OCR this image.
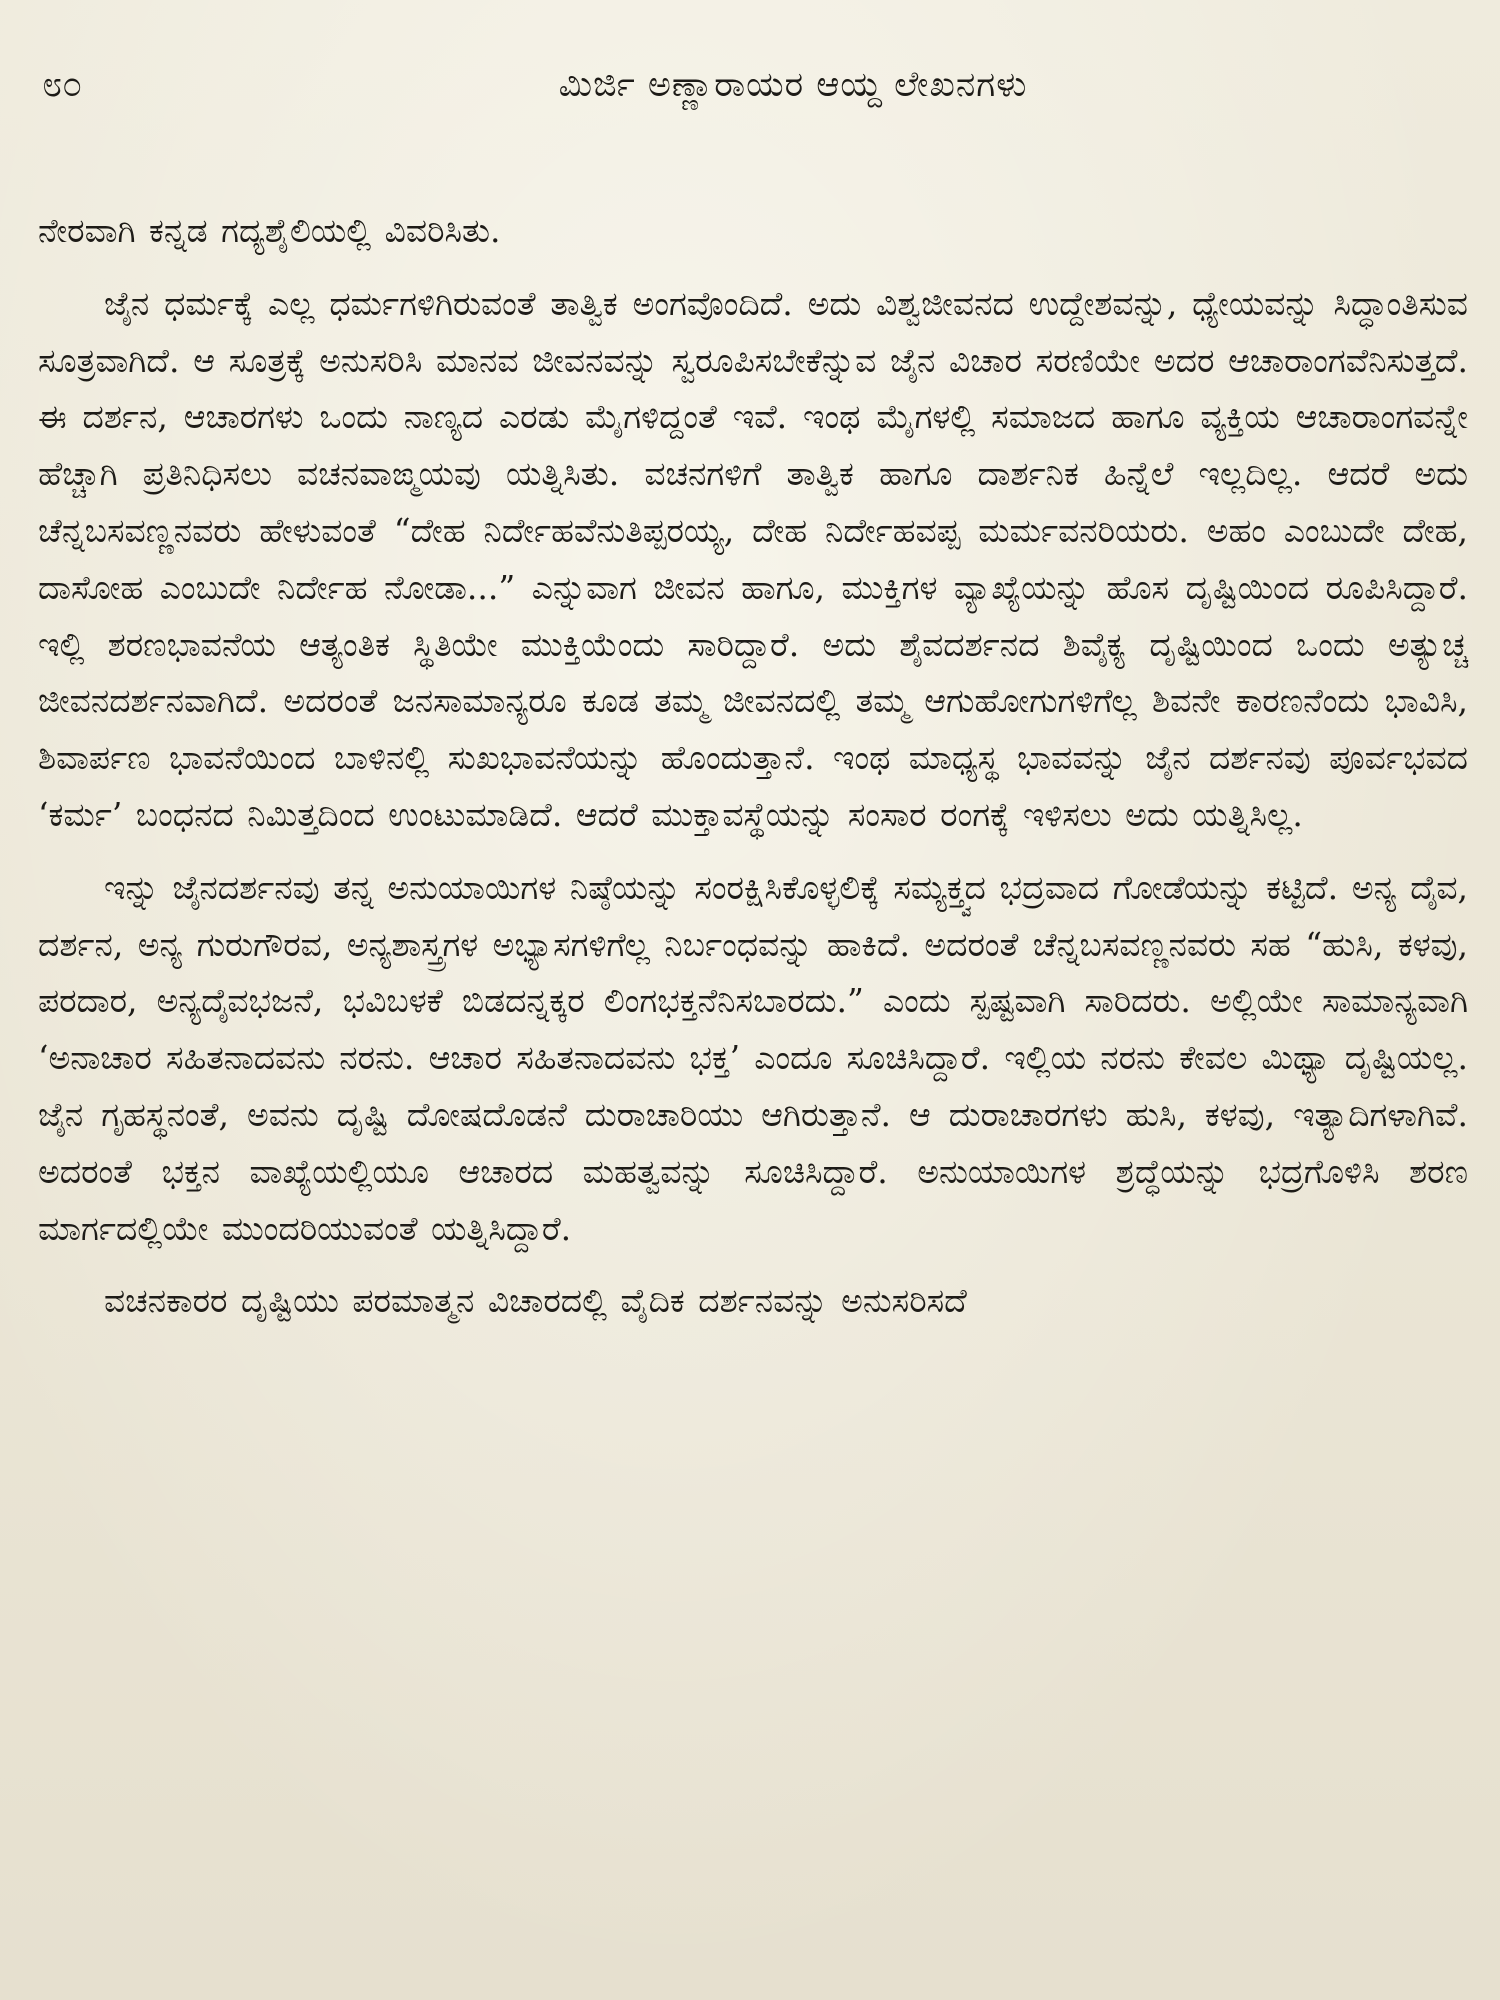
೮೦	ಮಿರ್ಜಿ ಅಣ್ಣಾರಾಯರ ಆಯ್ದ ಲೇಖನಗಳು

ನೇರವಾಗಿ ಕನ್ನಡ ಗದ್ಯಶೈಲಿಯಲ್ಲಿ ವಿವರಿಸಿತು.

ಜೈನ ಧರ್ಮಕ್ಕೆ ಎಲ್ಲ ಧರ್ಮಗಳಿಗಿರುವಂತೆ ತಾತ್ವಿಕ ಅಂಗವೊಂದಿದೆ. ಅದು ವಿಶ್ವಜೀವನದ ಉದ್ದೇಶವನ್ನು, ಧ್ಯೇಯವನ್ನು ಸಿದ್ಧಾಂತಿಸುವ ಸೂತ್ರವಾಗಿದೆ. ಆ ಸೂತ್ರಕ್ಕೆ ಅನುಸರಿಸಿ ಮಾನವ ಜೀವನವನ್ನು ಸ್ವರೂಪಿಸಬೇಕೆನ್ನುವ ಜೈನ ವಿಚಾರ ಸರಣಿಯೇ ಅದರ ಆಚಾರಾಂಗವೆನಿಸುತ್ತದೆ. ಈ ದರ್ಶನ, ಆಚಾರಗಳು ಒಂದು ನಾಣ್ಯದ ಎರಡು ಮೈಗಳಿದ್ದಂತೆ ಇವೆ. ಇಂಥ ಮೈಗಳಲ್ಲಿ ಸಮಾಜದ ಹಾಗೂ ವ್ಯಕ್ತಿಯ ಆಚಾರಾಂಗವನ್ನೇ ಹೆಚ್ಚಾಗಿ ಪ್ರತಿನಿಧಿಸಲು ವಚನವಾಙ್ಮಯವು ಯತ್ನಿಸಿತು. ವಚನಗಳಿಗೆ ತಾತ್ವಿಕ ಹಾಗೂ ದಾರ್ಶನಿಕ ಹಿನ್ನೆಲೆ ಇಲ್ಲದಿಲ್ಲ. ಆದರೆ ಅದು ಚೆನ್ನಬಸವಣ್ಣನವರು ಹೇಳುವಂತೆ “ದೇಹ ನಿರ್ದೇಹವೆನುತಿಪ್ಪರಯ್ಯ, ದೇಹ ನಿರ್ದೇಹವಪ್ಪ ಮರ್ಮವನರಿಯರು. ಅಹಂ ಎಂಬುದೇ ದೇಹ, ದಾಸೋಹ ಎಂಬುದೇ ನಿರ್ದೇಹ ನೋಡಾ...” ಎನ್ನುವಾಗ ಜೀವನ ಹಾಗೂ, ಮುಕ್ತಿಗಳ ವ್ಯಾಖ್ಯೆಯನ್ನು ಹೊಸ ದೃಷ್ಟಿಯಿಂದ ರೂಪಿಸಿದ್ದಾರೆ. ಇಲ್ಲಿ ಶರಣಭಾವನೆಯ ಆತ್ಯಂತಿಕ ಸ್ಥಿತಿಯೇ ಮುಕ್ತಿಯೆಂದು ಸಾರಿದ್ದಾರೆ. ಅದು ಶೈವದರ್ಶನದ ಶಿವೈಕ್ಯ ದೃಷ್ಟಿಯಿಂದ ಒಂದು ಅತ್ಯುಚ್ಚ ಜೀವನದರ್ಶನವಾಗಿದೆ. ಅದರಂತೆ ಜನಸಾಮಾನ್ಯರೂ ಕೂಡ ತಮ್ಮ ಜೀವನದಲ್ಲಿ ತಮ್ಮ ಆಗುಹೋಗುಗಳಿಗೆಲ್ಲ ಶಿವನೇ ಕಾರಣನೆಂದು ಭಾವಿಸಿ, ಶಿವಾರ್ಪಣ ಭಾವನೆಯಿಂದ ಬಾಳಿನಲ್ಲಿ ಸುಖಭಾವನೆಯನ್ನು ಹೊಂದುತ್ತಾನೆ. ಇಂಥ ಮಾಧ್ಯಸ್ಥ ಭಾವವನ್ನು ಜೈನ ದರ್ಶನವು ಪೂರ್ವಭವದ ‘ಕರ್ಮ’ ಬಂಧನದ ನಿಮಿತ್ತದಿಂದ ಉಂಟುಮಾಡಿದೆ. ಆದರೆ ಮುಕ್ತಾವಸ್ಥೆಯನ್ನು ಸಂಸಾರ ರಂಗಕ್ಕೆ ಇಳಿಸಲು ಅದು ಯತ್ನಿಸಿಲ್ಲ.

ಇನ್ನು ಜೈನದರ್ಶನವು ತನ್ನ ಅನುಯಾಯಿಗಳ ನಿಷ್ಠೆಯನ್ನು ಸಂರಕ್ಷಿಸಿಕೊಳ್ಳಲಿಕ್ಕೆ ಸಮ್ಯಕ್ತ್ವದ ಭದ್ರವಾದ ಗೋಡೆಯನ್ನು ಕಟ್ಟಿದೆ. ಅನ್ಯ ದೈವ, ದರ್ಶನ, ಅನ್ಯ ಗುರುಗೌರವ, ಅನ್ಯಶಾಸ್ತ್ರಗಳ ಅಭ್ಯಾಸಗಳಿಗೆಲ್ಲ ನಿರ್ಬಂಧವನ್ನು ಹಾಕಿದೆ. ಅದರಂತೆ ಚೆನ್ನಬಸವಣ್ಣನವರು ಸಹ “ಹುಸಿ, ಕಳವು, ಪರದಾರ, ಅನ್ಯದೈವಭಜನೆ, ಭವಿಬಳಕೆ ಬಿಡದನ್ನಕ್ಕರ ಲಿಂಗಭಕ್ತನೆನಿಸಬಾರದು.” ಎಂದು ಸ್ಪಷ್ಟವಾಗಿ ಸಾರಿದರು. ಅಲ್ಲಿಯೇ ಸಾಮಾನ್ಯವಾಗಿ ‘ಅನಾಚಾರ ಸಹಿತನಾದವನು ನರನು. ಆಚಾರ ಸಹಿತನಾದವನು ಭಕ್ತ’ ಎಂದೂ ಸೂಚಿಸಿದ್ದಾರೆ. ಇಲ್ಲಿಯ ನರನು ಕೇವಲ ಮಿಥ್ಯಾ ದೃಷ್ಟಿಯಲ್ಲ. ಜೈನ ಗೃಹಸ್ಥನಂತೆ, ಅವನು ದೃಷ್ಟಿ ದೋಷದೊಡನೆ ದುರಾಚಾರಿಯು ಆಗಿರುತ್ತಾನೆ. ಆ ದುರಾಚಾರಗಳು ಹುಸಿ, ಕಳವು, ಇತ್ಯಾದಿಗಳಾಗಿವೆ. ಅದರಂತೆ ಭಕ್ತನ ವಾಖ್ಯೆಯಲ್ಲಿಯೂ ಆಚಾರದ ಮಹತ್ವವನ್ನು ಸೂಚಿಸಿದ್ದಾರೆ. ಅನುಯಾಯಿಗಳ ಶ್ರದ್ಧೆಯನ್ನು ಭದ್ರಗೊಳಿಸಿ ಶರಣ ಮಾರ್ಗದಲ್ಲಿಯೇ ಮುಂದರಿಯುವಂತೆ ಯತ್ನಿಸಿದ್ದಾರೆ.

ವಚನಕಾರರ ದೃಷ್ಟಿಯು ಪರಮಾತ್ಮನ ವಿಚಾರದಲ್ಲಿ ವೈದಿಕ ದರ್ಶನವನ್ನು ಅನುಸರಿಸದೆ
